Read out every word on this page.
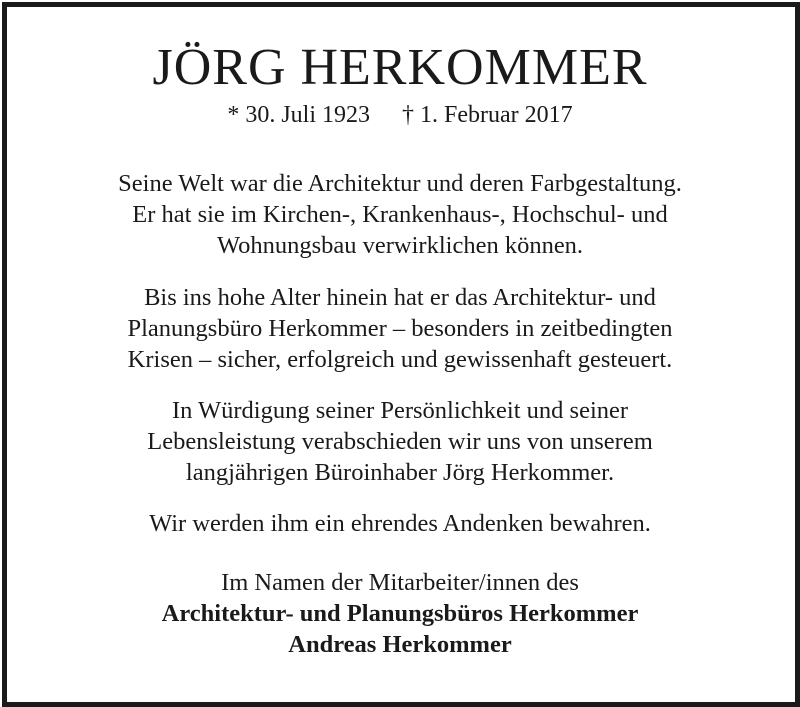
JÖRG HERKOMMER
* 30. Juli 1923 † 1. Februar 2017
Seine Welt war die Architektur und deren Farbgestaltung.
Er hat sie im Kirchen-, Krankenhaus-, Hochschul- und
Wohnungsbau verwirklichen können.
Bis ins hohe Alter hinein hat er das Architektur- und
Planungsbüro Herkommer – besonders in zeitbedingten
Krisen – sicher, erfolgreich und gewissenhaft gesteuert.
In Würdigung seiner Persönlichkeit und seiner
Lebensleistung verabschieden wir uns von unserem
langjährigen Büroinhaber Jörg Herkommer.
Wir werden ihm ein ehrendes Andenken bewahren.
Im Namen der Mitarbeiter/innen des
Architektur- und Planungsbüros Herkommer
Andreas Herkommer
